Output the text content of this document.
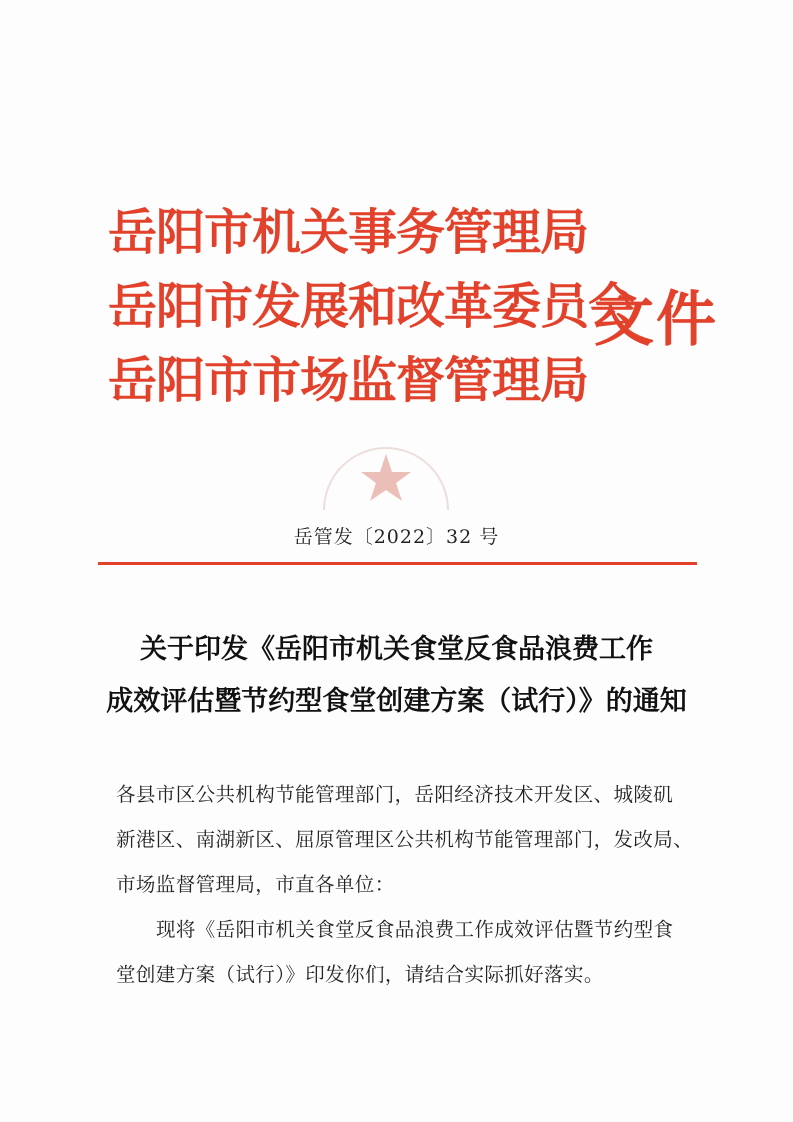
岳阳市机关事务管理局
岳阳市发展和改革委员会
岳阳市市场监督管理局
文件
岳管发〔2022〕32 号
关于印发《岳阳市机关食堂反食品浪费工作
成效评估暨节约型食堂创建方案（试行）》的通知
各县市区公共机构节能管理部门，岳阳经济技术开发区、城陵矶
新港区、南湖新区、屈原管理区公共机构节能管理部门，发改局、
市场监督管理局，市直各单位：
现将《岳阳市机关食堂反食品浪费工作成效评估暨节约型食
堂创建方案（试行）》印发你们，请结合实际抓好落实。
